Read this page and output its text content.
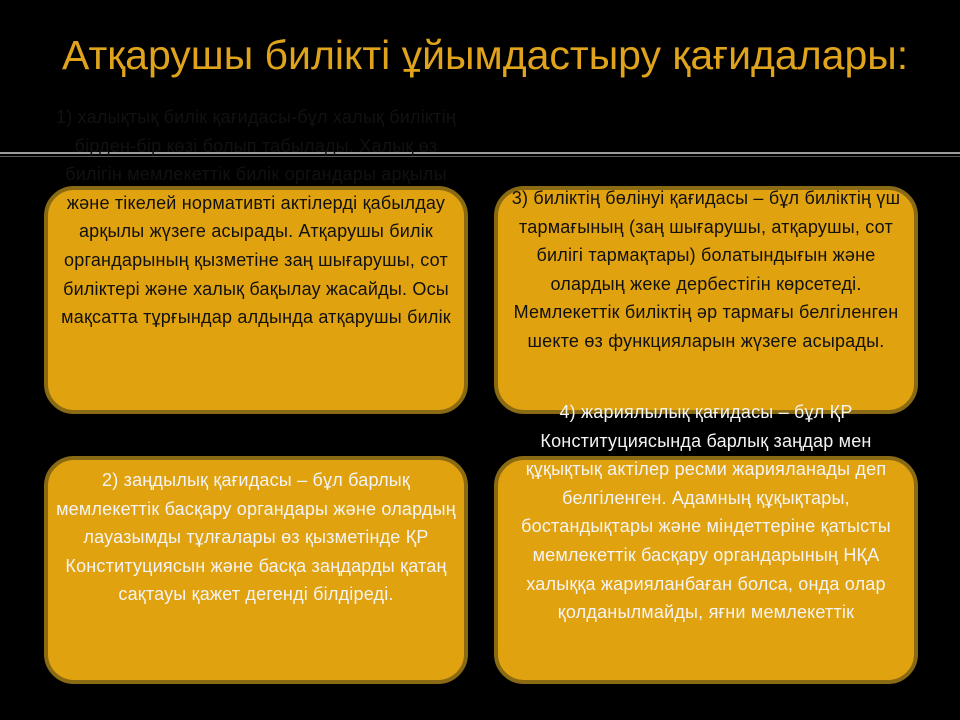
Атқарушы билікті ұйымдастыру қағидалары:
1) халықтық билік қағидасы-бұл халық биліктің бірден-бір көзі болып табылады. Халық өз билігін мемлекеттік билік органдары арқылы және тікелей нормативті актілерді қабылдау арқылы жүзеге асырады. Атқарушы билік органдарының қызметіне заң шығарушы, сот биліктері және халық бақылау жасайды. Осы мақсатта тұрғындар алдында атқарушы билік
3) биліктің бөлінуі қағидасы – бұл биліктің үш тармағының (заң шығарушы, атқарушы, сот билігі тармақтары) болатындығын және олардың жеке дербестігін көрсетеді. Мемлекеттік биліктің әр тармағы белгіленген шекте өз функцияларын жүзеге асырады.
2) заңдылық қағидасы – бұл барлық мемлекеттік басқару органдары және олардың лауазымды тұлғалары өз қызметінде ҚР Конституциясын және басқа заңдарды қатаң сақтауы қажет дегенді білдіреді.
4) жариялылық қағидасы – бұл ҚР Конституциясында барлық заңдар мен құқықтық актілер ресми жарияланады деп белгіленген. Адамның құқықтары, бостандықтары және міндеттеріне қатысты мемлекеттік басқару органдарының НҚА халыққа жарияланбаған болса, онда олар қолданылмайды, яғни мемлекеттік
